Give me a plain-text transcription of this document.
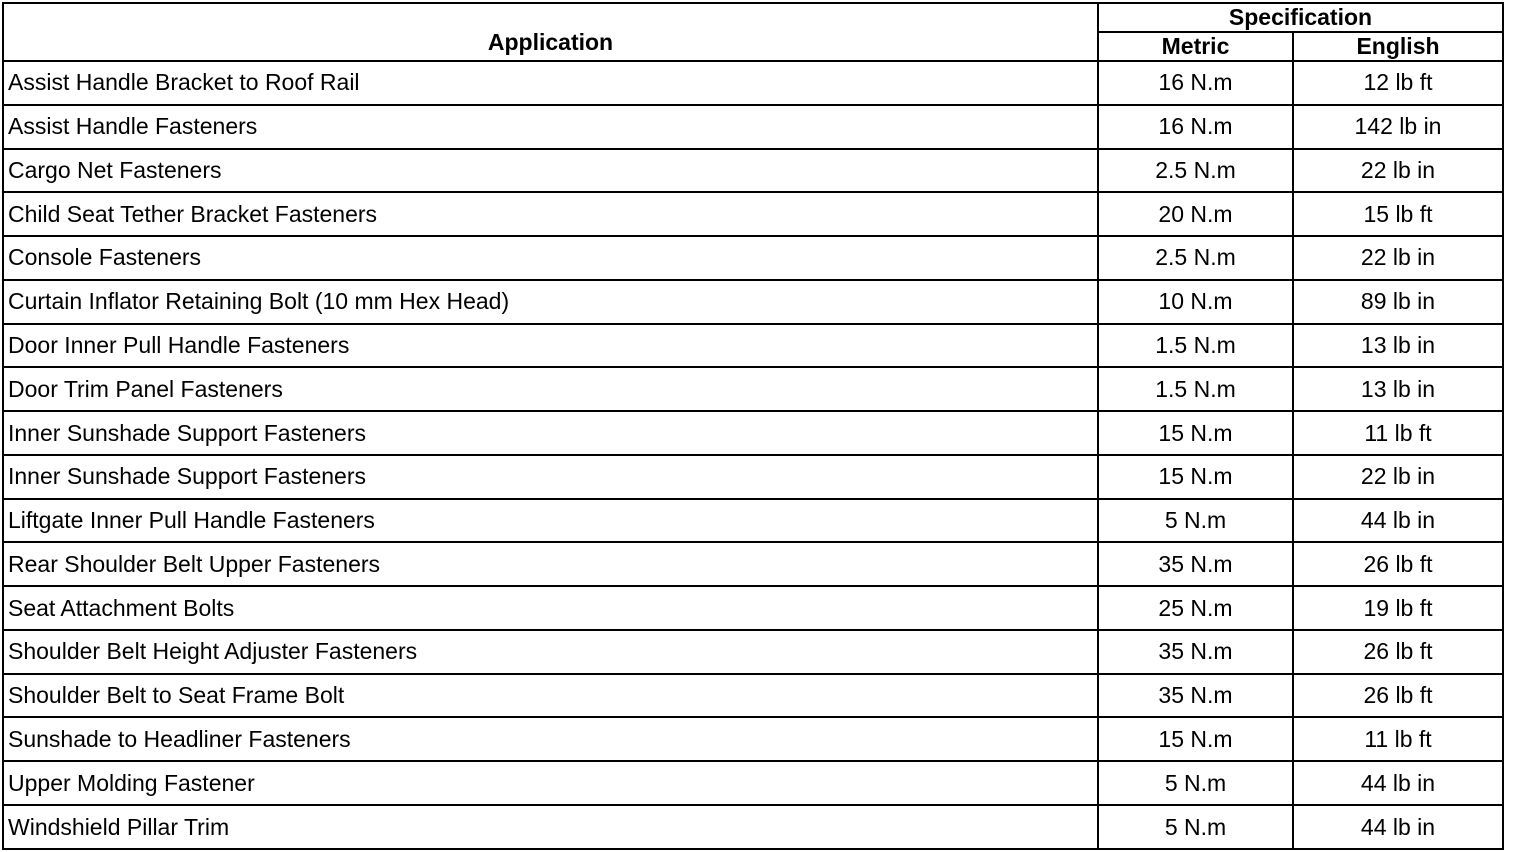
Application	Specification	
	Metric	English
Assist Handle Bracket to Roof Rail	16 N.m	12 lb ft
Assist Handle Fasteners	16 N.m	142 lb in
Cargo Net Fasteners	2.5 N.m	22 lb in
Child Seat Tether Bracket Fasteners	20 N.m	15 lb ft
Console Fasteners	2.5 N.m	22 lb in
Curtain Inflator Retaining Bolt (10 mm Hex Head)	10 N.m	89 lb in
Door Inner Pull Handle Fasteners	1.5 N.m	13 lb in
Door Trim Panel Fasteners	1.5 N.m	13 lb in
Inner Sunshade Support Fasteners	15 N.m	11 lb ft
Inner Sunshade Support Fasteners	15 N.m	22 lb in
Liftgate Inner Pull Handle Fasteners	5 N.m	44 lb in
Rear Shoulder Belt Upper Fasteners	35 N.m	26 lb ft
Seat Attachment Bolts	25 N.m	19 lb ft
Shoulder Belt Height Adjuster Fasteners	35 N.m	26 lb ft
Shoulder Belt to Seat Frame Bolt	35 N.m	26 lb ft
Sunshade to Headliner Fasteners	15 N.m	11 lb ft
Upper Molding Fastener	5 N.m	44 lb in
Windshield Pillar Trim	5 N.m	44 lb in
